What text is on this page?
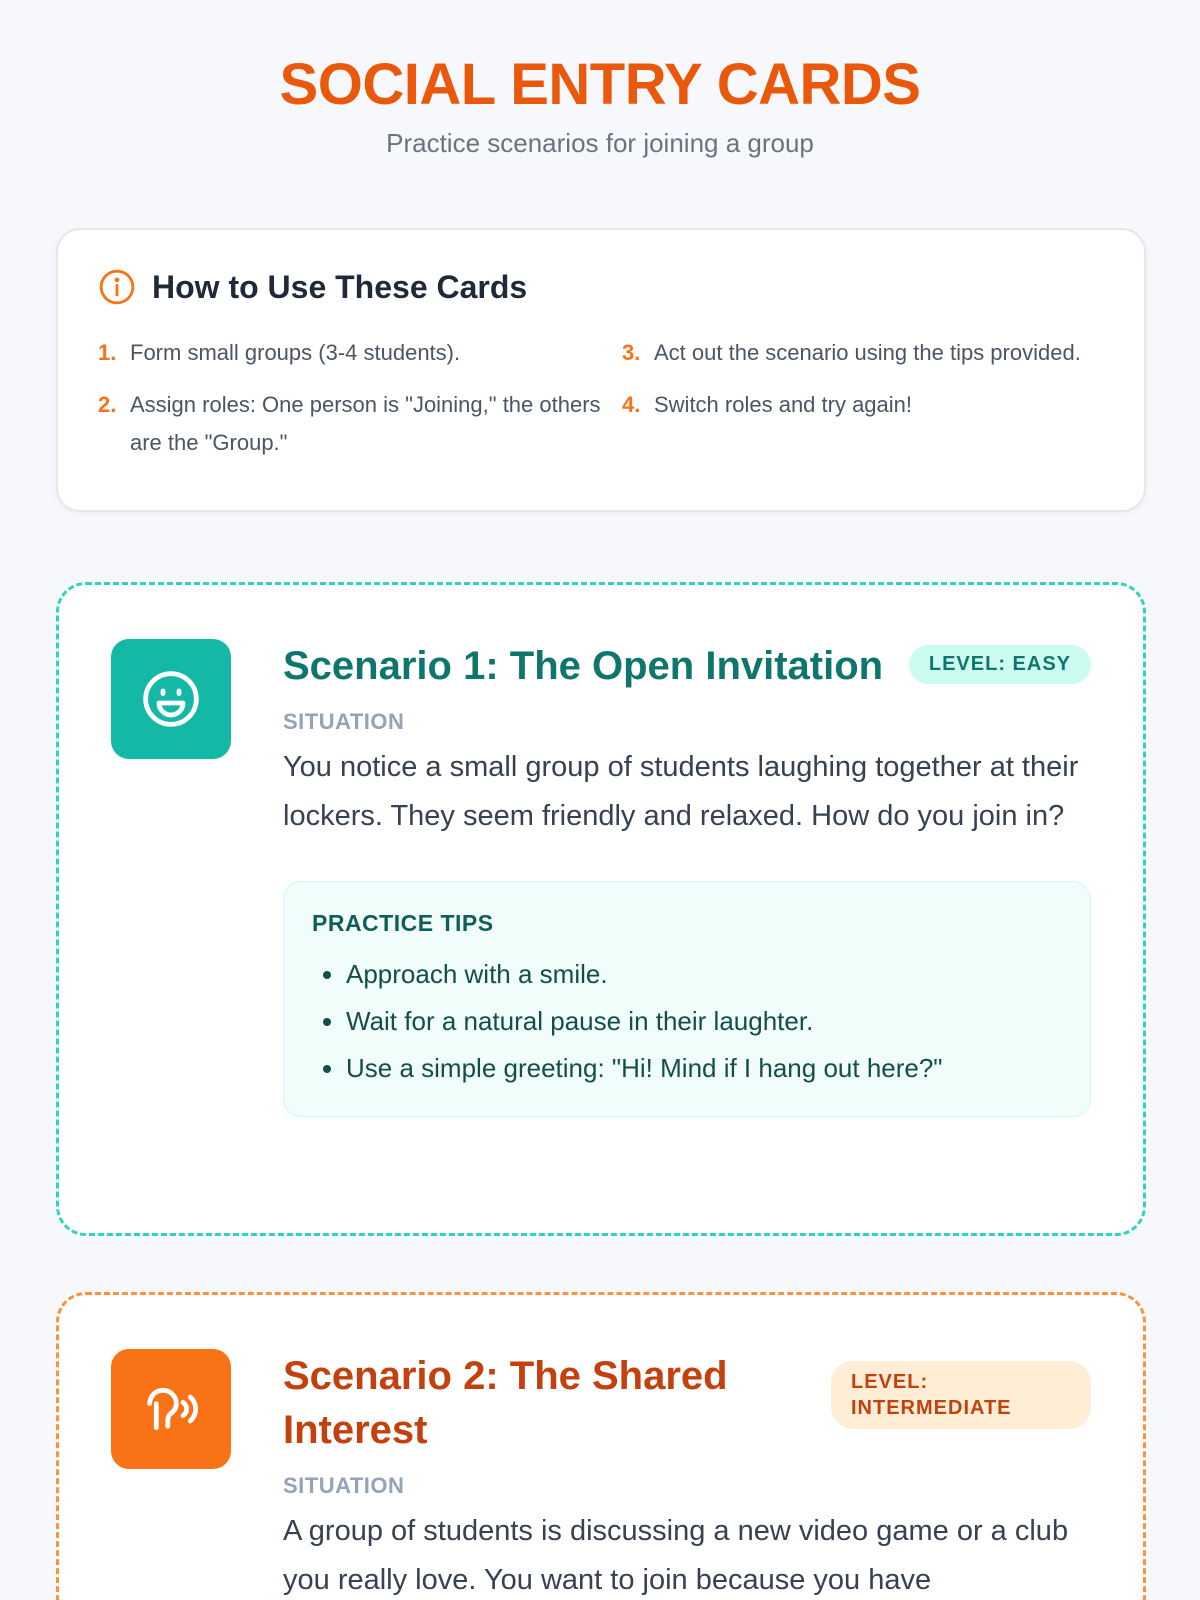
SOCIAL ENTRY CARDS
Practice scenarios for joining a group
How to Use These Cards
1. Form small groups (3-4 students).
2. Assign roles: One person is "Joining," the others are the "Group."
3. Act out the scenario using the tips provided.
4. Switch roles and try again!
Scenario 1: The Open Invitation	LEVEL: EASY
SITUATION
You notice a small group of students laughing together at their lockers. They seem friendly and relaxed. How do you join in?
PRACTICE TIPS
• Approach with a smile.
• Wait for a natural pause in their laughter.
• Use a simple greeting: "Hi! Mind if I hang out here?"
Scenario 2: The Shared Interest
LEVEL: INTERMEDIATE
SITUATION
A group of students is discussing a new video game or a club you really love. You want to join because you have
